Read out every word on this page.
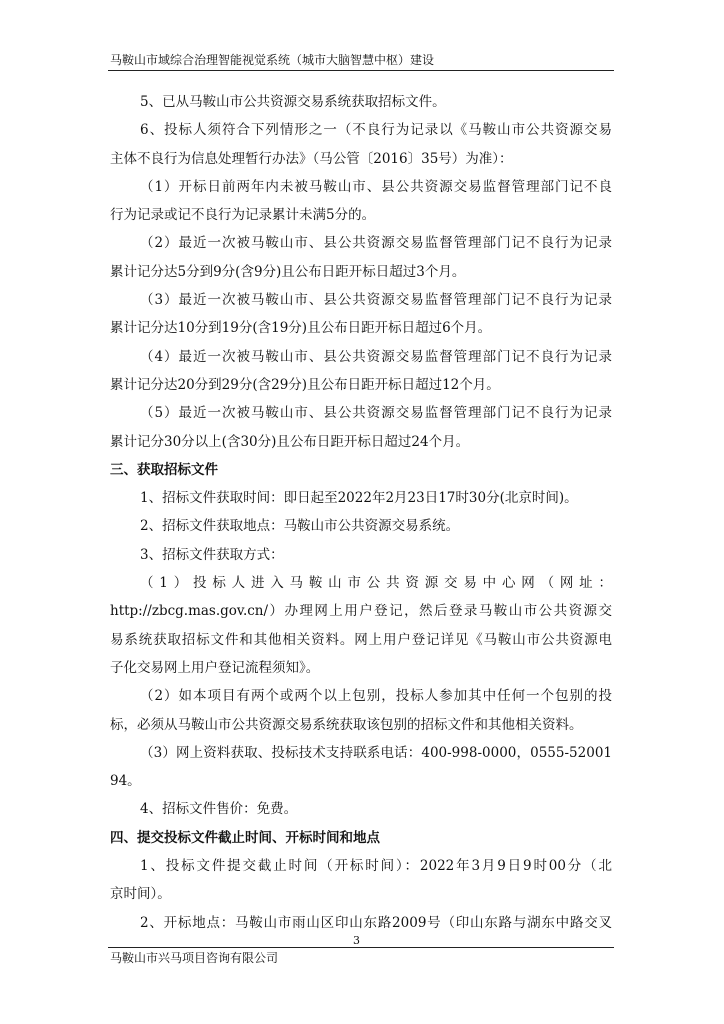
马鞍山市域综合治理智能视觉系统（城市大脑智慧中枢）建设

5、已从马鞍山市公共资源交易系统获取招标文件。

6、投标人须符合下列情形之一（不良行为记录以《马鞍山市公共资源交易

主体不良行为信息处理暂行办法》（马公管〔2016〕35号）为准）：

（1）开标日前两年内未被马鞍山市、县公共资源交易监督管理部门记不良

行为记录或记不良行为记录累计未满5分的。

（2）最近一次被马鞍山市、县公共资源交易监督管理部门记不良行为记录

累计记分达5分到9分(含9分)且公布日距开标日超过3个月。

（3）最近一次被马鞍山市、县公共资源交易监督管理部门记不良行为记录

累计记分达10分到19分(含19分)且公布日距开标日超过6个月。

（4）最近一次被马鞍山市、县公共资源交易监督管理部门记不良行为记录

累计记分达20分到29分(含29分)且公布日距开标日超过12个月。

（5）最近一次被马鞍山市、县公共资源交易监督管理部门记不良行为记录

累计记分30分以上(含30分)且公布日距开标日超过24个月。

三、获取招标文件

1、招标文件获取时间：即日起至2022年2月23日17时30分(北京时间)。

2、招标文件获取地点：马鞍山市公共资源交易系统。

3、招标文件获取方式：

（1）投标人进入马鞍山市公共资源交易中心网（网址：

http://zbcg.mas.gov.cn/）办理网上用户登记，然后登录马鞍山市公共资源交

易系统获取招标文件和其他相关资料。网上用户登记详见《马鞍山市公共资源电

子化交易网上用户登记流程须知》。

（2）如本项目有两个或两个以上包别，投标人参加其中任何一个包别的投

标，必须从马鞍山市公共资源交易系统获取该包别的招标文件和其他相关资料。

（3）网上资料获取、投标技术支持联系电话：400-998-0000，0555-5200194。

4、招标文件售价：免费。

四、提交投标文件截止时间、开标时间和地点

1、投标文件提交截止时间（开标时间）：2022年3月9日9时00分（北

京时间）。

2、开标地点：马鞍山市雨山区印山东路2009号（印山东路与湖东中路交叉

3
马鞍山市兴马项目咨询有限公司
